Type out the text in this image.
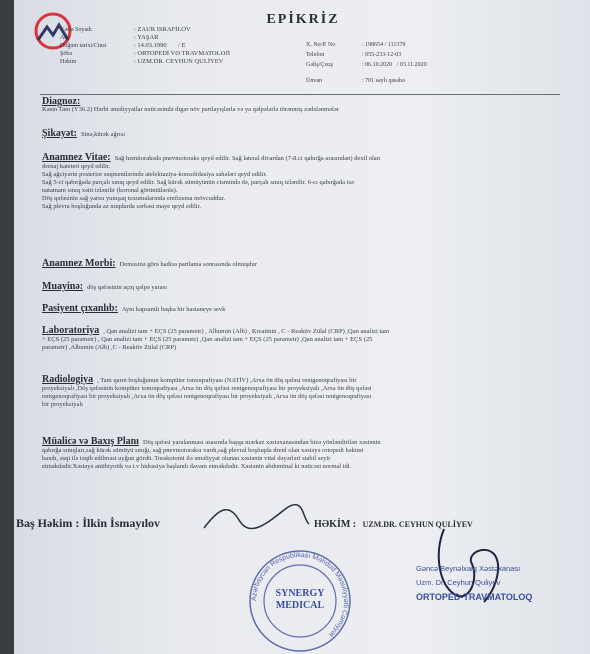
EPİKRİZ
Xəstə Soyadı
Adı
Doğum tarixi/Cinsi
Şöbə
Həkim
: ZAUR ISRAFİLOV
: YAŞAR
: 14.03.1990 / E
: ORTOPEDİ VƏ TRAVMATOLOJİ
: UZM.DR. CEYHUN QULİYEV
X. No/P. No
Telefon
Gəliş/Çıxış
Ünvan
: 198654 / 111379
: 055-233-12-03
: 06.10.2020 / 03.11.2020
: 701 saylı qəsəbə
Diagnoz:
Kəsin Tanı (Y36.2) Hərbi əməliyyatlar nəticəsində digər növ partlayışlarla və ya qəlpələrlə törənmiş zədələnmələr
Şikayət: Sinə,kürək ağrısı
Anamnez Vitae: Sağ hemitoraksda pnevmotoraks qeyd edilir. Sağ lateral divardan (7-8.ci qabırğa arasından) dexil olan
drenaj kateteri qeyd edilir.
Sağ ağciyərin posterior seqmentlərində atelektaziya-konsolidasiya sahələri qeyd edilir.
Sağ 5-ci qabırğada parçalı sınıq qeyd edilir. Sağ kürək sümüyünün cismində də, parçalı sınıq izlənilir. 6-cı qabırğada isə
natamam sınıq xətti izlənilir (koronal görüntülərdə).
Döş qəfəsinin sağ yarısı yumşaq toxumalarında emfizema mövcuddur.
Sağ plevra boşluğunda az miqdarda sərbəst maye qeyd edilir.
Anamnez Morbi: Deməsinə görə hadisə partlama sonrasında olmuşdur
Muayinə: döş qəfəsinin açıq qəlpə yarası
Pasiyent çıxanlıb: Aynı kapsamlı başka bir hastaneye sevk
Laboratoriya , Qan analizi tam + EÇS (25 parametr) , Albumin (Alb) , Kreatinin , C - Reaktiv Zülal (CRP) ,Qan analizi tam
+ EÇS (25 parametr) , Qan analizi tam + EÇS (25 parametr) ,Qan analizi tam + EÇS (25 parametr) ,Qan analizi tam + EÇS (25
parametr) ,Albumin (Alb) ,C - Reaktiv Zülal (CRP)
Radiologiya , Tam qarın boşluğunun kompüter tomoqrafiyası (NATİV) ,Arxa ön döş qəfəsi rentgenoqrafiyası bir
proyeksiyalı ,Döş qəfəsinin kompüter tomoqrafiyası ,Arxa ön döş qəfəsi rentgenoqrafiyası bir proyeksiyalı ,Arxa ön döş qəfəsi
rentgenoqrafiyası bir proyeksiyalı ,Arxa ön döş qəfəsi rentgenoqrafiyası bir proyeksiyalı ,Arxa ön döş qəfəsi rentgenoqrafiyası
bir proyeksiyalı
Müalicə və Baxış Planı Döş qəfəsi yaralanması əsasında başqa mərkəz xəstəxanasından bizə yönləndirilən xəstənin
qabırğa sınıqları,sağ kürək sümüyü sınığı, sağ pnevmotoraksı vardı,sağ plevral boşluqda drenl olan xəstəyə ortopedi həkimi
baxdı, əsqi ilə təqib edilməsi uyğun gördü. Torakotomi ilə əməliyyat olunan xəstənin vital dəyərləri stabil seyir
etməkdədir.Xəstəyə antibiyotik və i.v hidrasiya başlandı davam etməkdədir. Xəstənin abdominal kt nəticəsi normal idi.
Baş Həkim : İlkin İsmayılov	HƏKİM : UZM.DR. CEYHUN QULİYEV
Azərbaycan Respublikası Məhdud Məsuliyyətli Cəmiyyət
SYNERGY
MEDICAL
Gəncə Beynəlxalq Xəstəxanası
Uzm. Dr. Ceyhun Quliyev
ORTOPED-TRAVMATOLOQ
